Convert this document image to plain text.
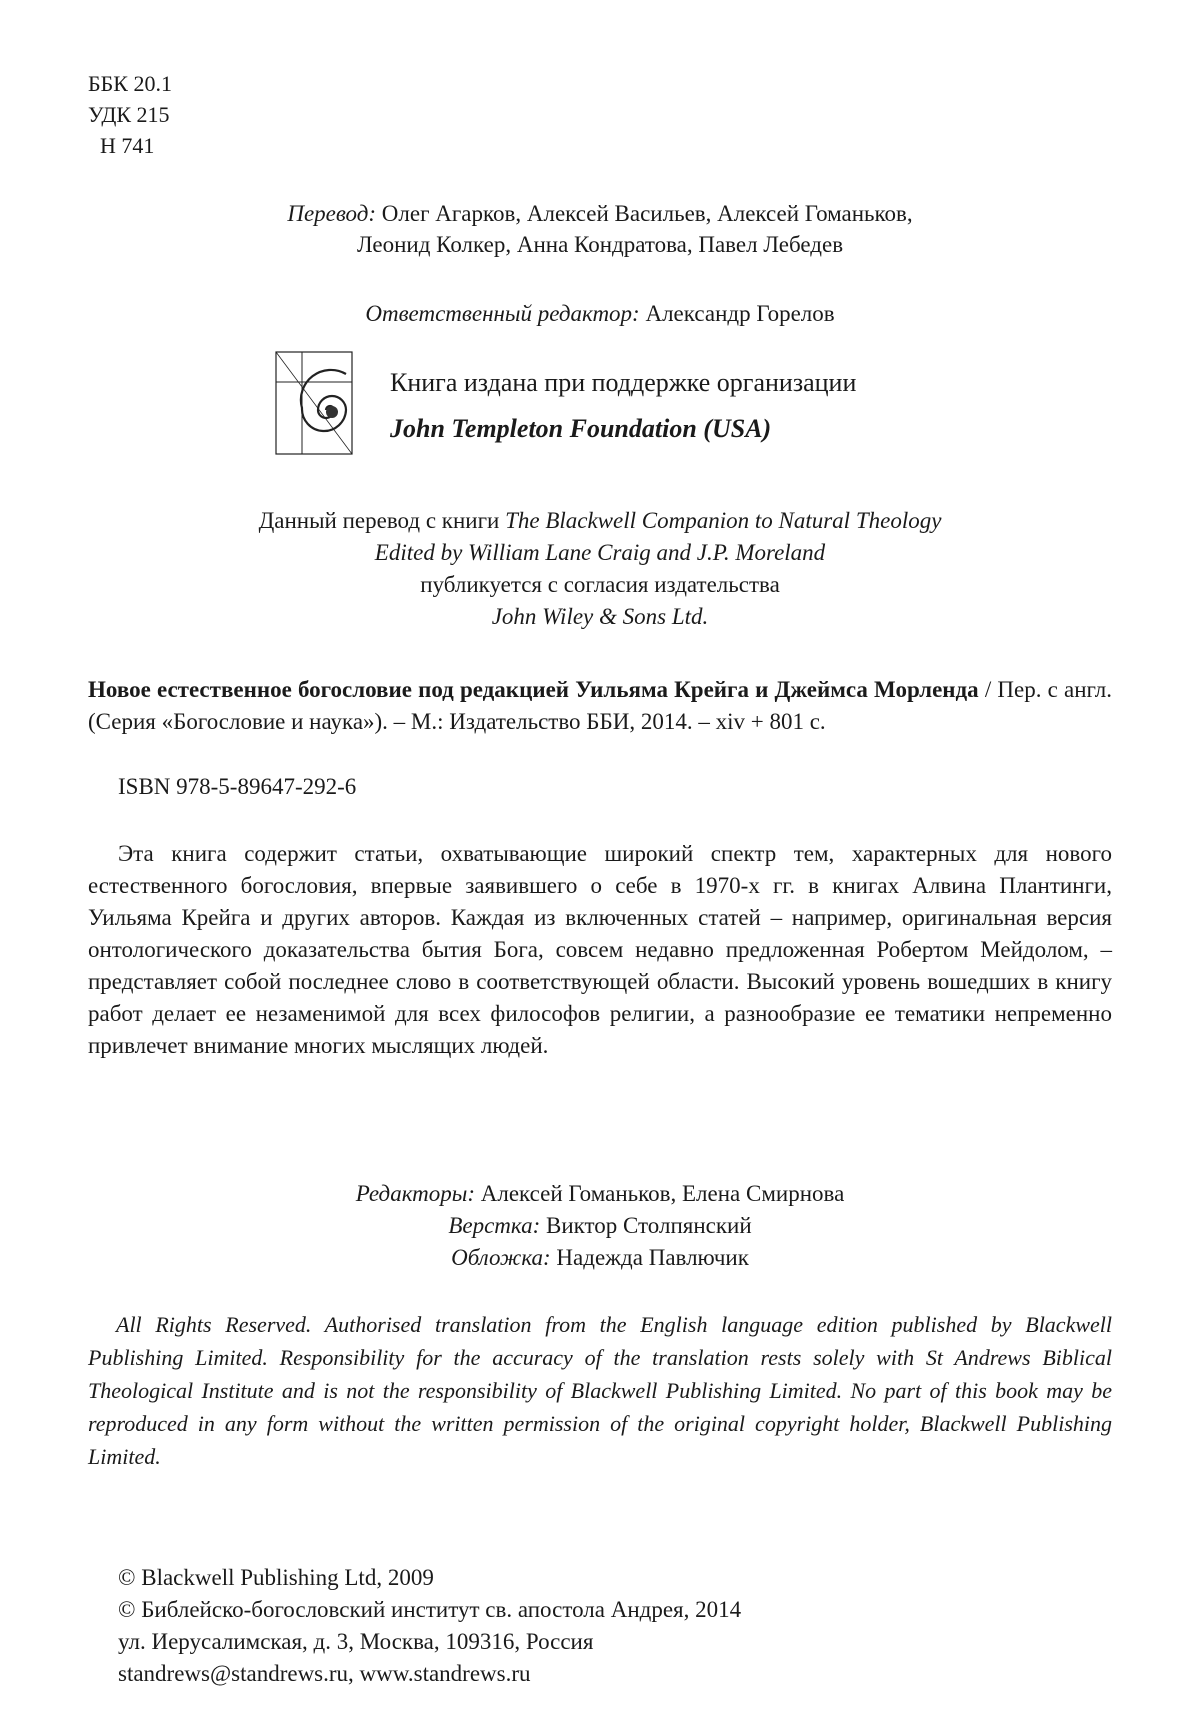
ББК 20.1
УДК 215
Н 741
Перевод: Олег Агарков, Алексей Васильев, Алексей Гоманьков,
Леонид Колкер, Анна Кондратова, Павел Лебедев
Ответственный редактор: Александр Горелов
Книга издана при поддержке организации
John Templeton Foundation (USA)
Данный перевод с книги The Blackwell Companion to Natural Theology
Edited by William Lane Craig and J.P. Moreland
публикуется с согласия издательства
John Wiley & Sons Ltd.
Новое естественное богословие под редакцией Уильяма Крейга и Джеймса Морленда / Пер. с англ. (Серия «Богословие и наука»). – М.: Издательство ББИ, 2014. – xiv + 801 с.
ISBN 978-5-89647-292-6
Эта книга содержит статьи, охватывающие широкий спектр тем, характерных для нового естественного богословия, впервые заявившего о себе в 1970-х гг. в книгах Алвина Плантинги, Уильяма Крейга и других авторов. Каждая из включенных статей – например, оригинальная версия онтологического доказательства бытия Бога, совсем недавно предложенная Робертом Мейдолом, – представляет собой последнее слово в соответствующей области. Высокий уровень вошедших в книгу работ делает ее незаменимой для всех философов религии, а разнообразие ее тематики непременно привлечет внимание многих мыслящих людей.
Редакторы: Алексей Гоманьков, Елена Смирнова
Верстка: Виктор Столпянский
Обложка: Надежда Павлючик
All Rights Reserved. Authorised translation from the English language edition published by Blackwell Publishing Limited. Responsibility for the accuracy of the translation rests solely with St Andrews Biblical Theological Institute and is not the responsibility of Blackwell Publishing Limited. No part of this book may be reproduced in any form without the written permission of the original copyright holder, Blackwell Publishing Limited.
© Blackwell Publishing Ltd, 2009
© Библейско-богословский институт св. апостола Андрея, 2014
ул. Иерусалимская, д. 3, Москва, 109316, Россия
standrews@standrews.ru, www.standrews.ru
